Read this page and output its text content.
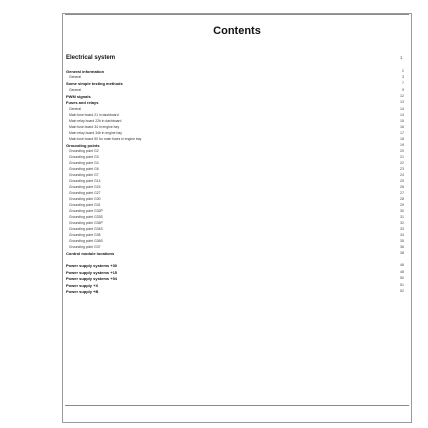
Contents
Electrical system	1
General information	2
General	3
Some simple testing methods	7
General	9
PWM signals	12
Fuses and relays	13
General	14
Main fuse board 21 in dashboard	14
Main relay board 22b in dashboard	15
Main fuse board 34 in engine bay	16
Main relay board 34b in engine bay	17
Main fuse board 50 for main fuses in engine bay	18
Grounding points	19
Grounding point G2	20
Grounding point G3	21
Grounding point G4	22
Grounding point G6	23
Grounding point G7	24
Grounding point G14	25
Grounding point G24	26
Grounding point G27	27
Grounding point G30	28
Grounding point G31	29
Grounding point G32P	30
Grounding point G33S	31
Grounding point G34P	32
Grounding point G34S	33
Grounding point G35	34
Grounding point G36S	35
Grounding point G37	36
Control module locations	38
Power supply systems +30	46
Power supply systems +15	48
Power supply systems +54	50
Power supply +X	51
Power supply +B	52
